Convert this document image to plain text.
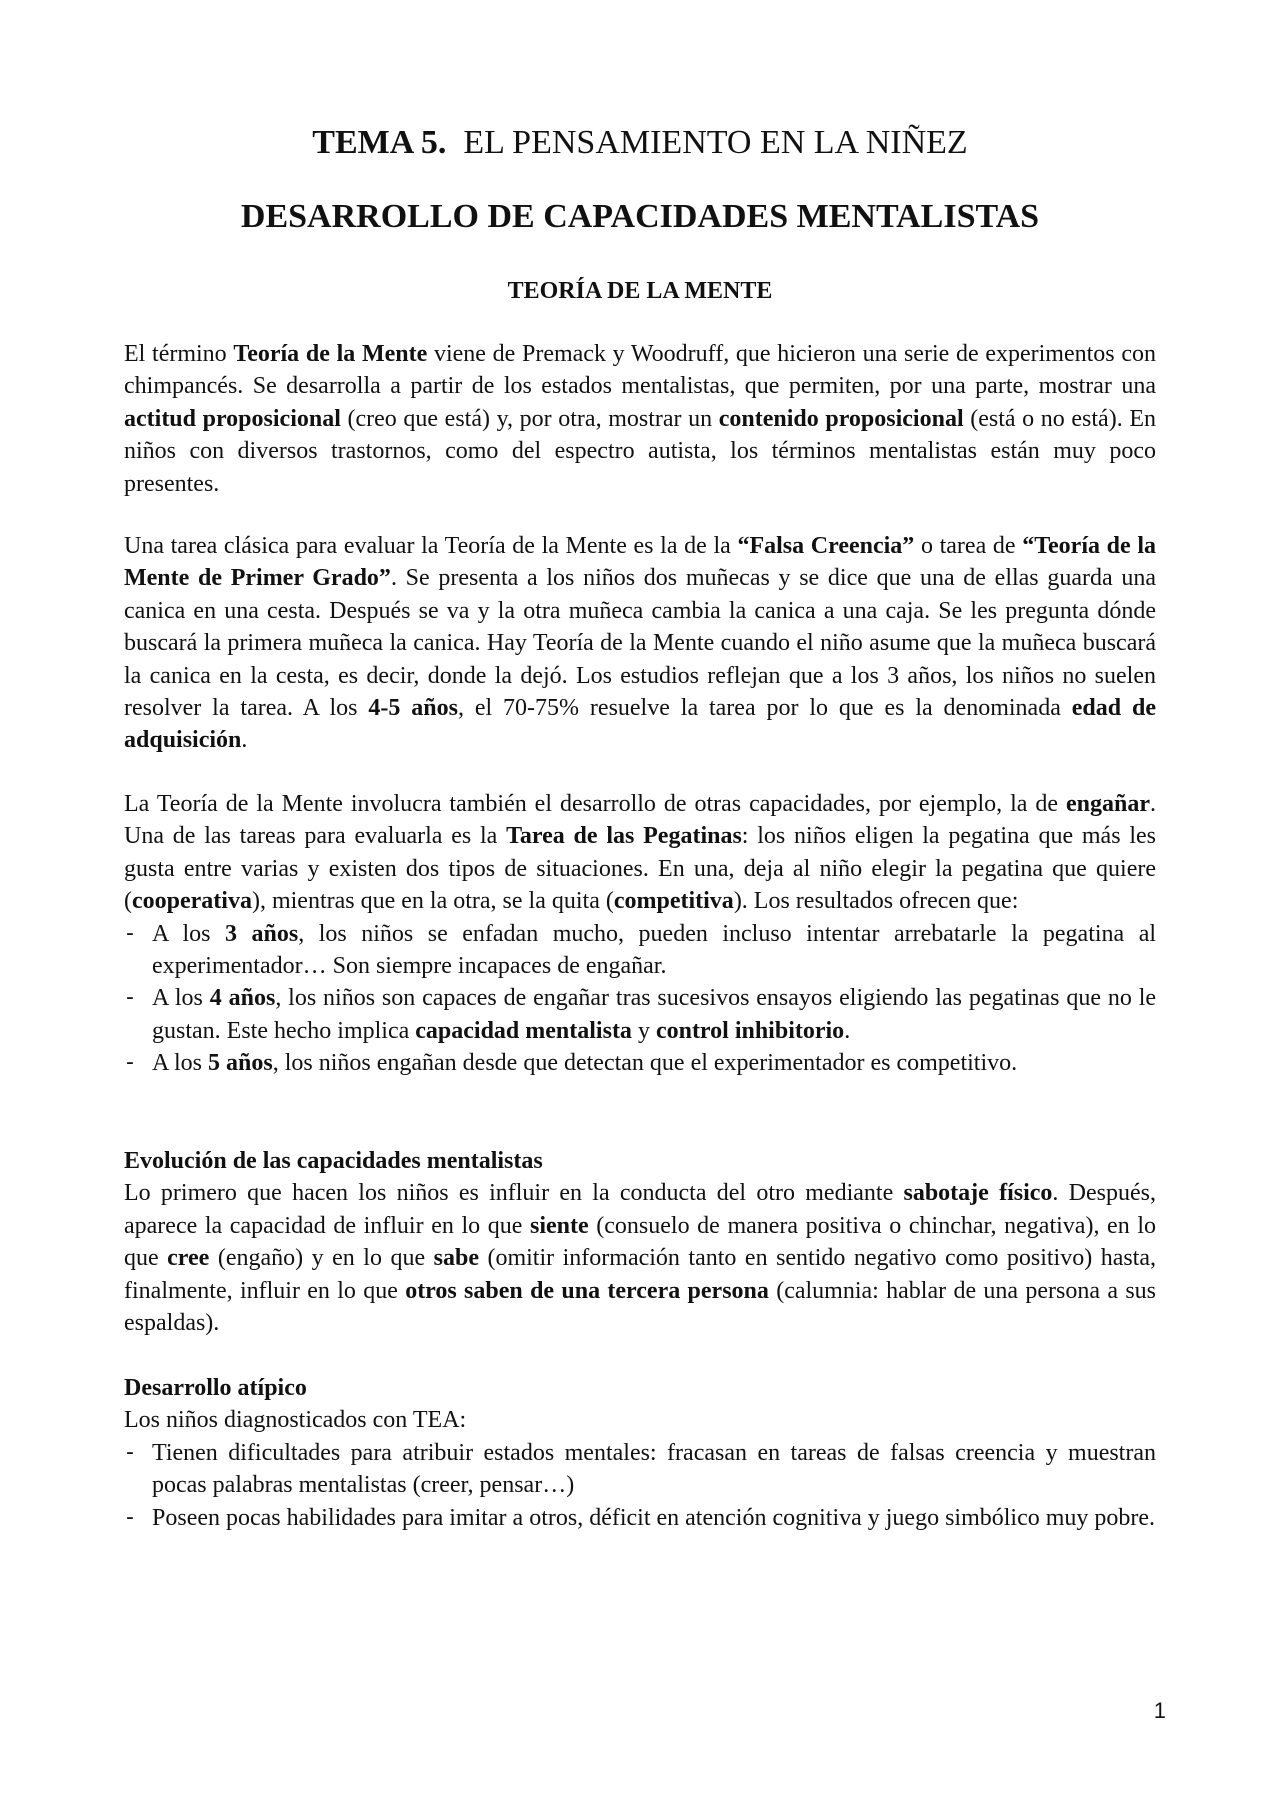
TEMA 5. EL PENSAMIENTO EN LA NIÑEZ
DESARROLLO DE CAPACIDADES MENTALISTAS
TEORÍA DE LA MENTE

El término Teoría de la Mente viene de Premack y Woodruff, que hicieron una serie de experimentos con chimpancés. Se desarrolla a partir de los estados mentalistas, que permiten, por una parte, mostrar una actitud proposicional (creo que está) y, por otra, mostrar un contenido proposicional (está o no está). En niños con diversos trastornos, como del espectro autista, los términos mentalistas están muy poco presentes.

Una tarea clásica para evaluar la Teoría de la Mente es la de la “Falsa Creencia” o tarea de “Teoría de la Mente de Primer Grado”. Se presenta a los niños dos muñecas y se dice que una de ellas guarda una canica en una cesta. Después se va y la otra muñeca cambia la canica a una caja. Se les pregunta dónde buscará la primera muñeca la canica. Hay Teoría de la Mente cuando el niño asume que la muñeca buscará la canica en la cesta, es decir, donde la dejó. Los estudios reflejan que a los 3 años, los niños no suelen resolver la tarea. A los 4-5 años, el 70-75% resuelve la tarea por lo que es la denominada edad de adquisición.

La Teoría de la Mente involucra también el desarrollo de otras capacidades, por ejemplo, la de engañar. Una de las tareas para evaluarla es la Tarea de las Pegatinas: los niños eligen la pegatina que más les gusta entre varias y existen dos tipos de situaciones. En una, deja al niño elegir la pegatina que quiere (cooperativa), mientras que en la otra, se la quita (competitiva). Los resultados ofrecen que:

- A los 3 años, los niños se enfadan mucho, pueden incluso intentar arrebatarle la pegatina al experimentador… Son siempre incapaces de engañar.
- A los 4 años, los niños son capaces de engañar tras sucesivos ensayos eligiendo las pegatinas que no le gustan. Este hecho implica capacidad mentalista y control inhibitorio.
- A los 5 años, los niños engañan desde que detectan que el experimentador es competitivo.

Evolución de las capacidades mentalistas

Lo primero que hacen los niños es influir en la conducta del otro mediante sabotaje físico. Después, aparece la capacidad de influir en lo que siente (consuelo de manera positiva o chinchar, negativa), en lo que cree (engaño) y en lo que sabe (omitir información tanto en sentido negativo como positivo) hasta, finalmente, influir en lo que otros saben de una tercera persona (calumnia: hablar de una persona a sus espaldas).

Desarrollo atípico

Los niños diagnosticados con TEA:

- Tienen dificultades para atribuir estados mentales: fracasan en tareas de falsas creencia y muestran pocas palabras mentalistas (creer, pensar…)
- Poseen pocas habilidades para imitar a otros, déficit en atención cognitiva y juego simbólico muy pobre.
1
